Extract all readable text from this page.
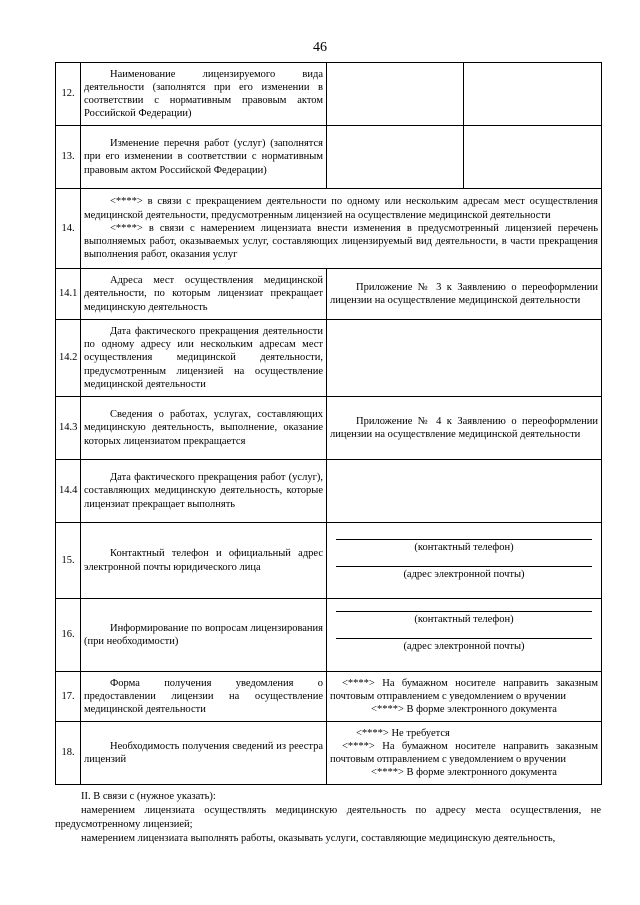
46
12.	Наименование лицензируемого вида деятельности (заполнятся при его изменении в соответствии с нормативным правовым актом Российской Федерации)		

13.	Изменение перечня работ (услуг) (заполнятся при его изменении в соответствии с нормативным правовым актом Российской Федерации)		

14.	<****> в связи с прекращением деятельности по одному или нескольким адресам мест осуществления медицинской деятельности, предусмотренным лицензией на осуществление медицинской деятельности

<****> в связи с намерением лицензиата внести изменения в предусмотренный лицензией перечень выполняемых работ, оказываемых услуг, составляющих лицензируемый вид деятельности, в части прекращения выполнения работ, оказания услуг		

14.1	Адреса мест осуществления медицинской деятельности, по которым лицензиат прекращает медицинскую деятельность	Приложение № 3 к Заявлению о переоформлении лицензии на осуществление медицинской деятельности	

14.2	Дата фактического прекращения деятельности по одному адресу или нескольким адресам мест осуществления медицинской деятельности, предусмотренным лицензией на осуществление медицинской деятельности		

14.3	Сведения о работах, услугах, составляющих медицинскую деятельность, выполнение, оказание которых лицензиатом прекращается	Приложение № 4 к Заявлению о переоформлении лицензии на осуществление медицинской деятельности	

14.4	Дата фактического прекращения работ (услуг), составляющих медицинскую деятельность, которые лицензиат прекращает выполнять		

15.	Контактный телефон и официальный адрес электронной почты юридического лица	(контактный телефон)
(адрес электронной почты)	

16.	Информирование по вопросам лицензирования (при необходимости)	(контактный телефон)
(адрес электронной почты)	

17.	Форма получения уведомления о предоставлении лицензии на осуществление медицинской деятельности	<****> На бумажном носителе направить заказным почтовым отправлением с уведомлением о вручении

<****> В форме электронного документа	

18.	Необходимость получения сведений из реестра лицензий	<****> Не требуется

<****> На бумажном носителе направить заказным почтовым отправлением с уведомлением о вручении

<****> В форме электронного документа	

II. В связи с (нужное указать):

намерением лицензиата осуществлять медицинскую деятельность по адресу места осуществления, не предусмотренному лицензией;

намерением лицензиата выполнять работы, оказывать услуги, составляющие медицинскую деятельность,
